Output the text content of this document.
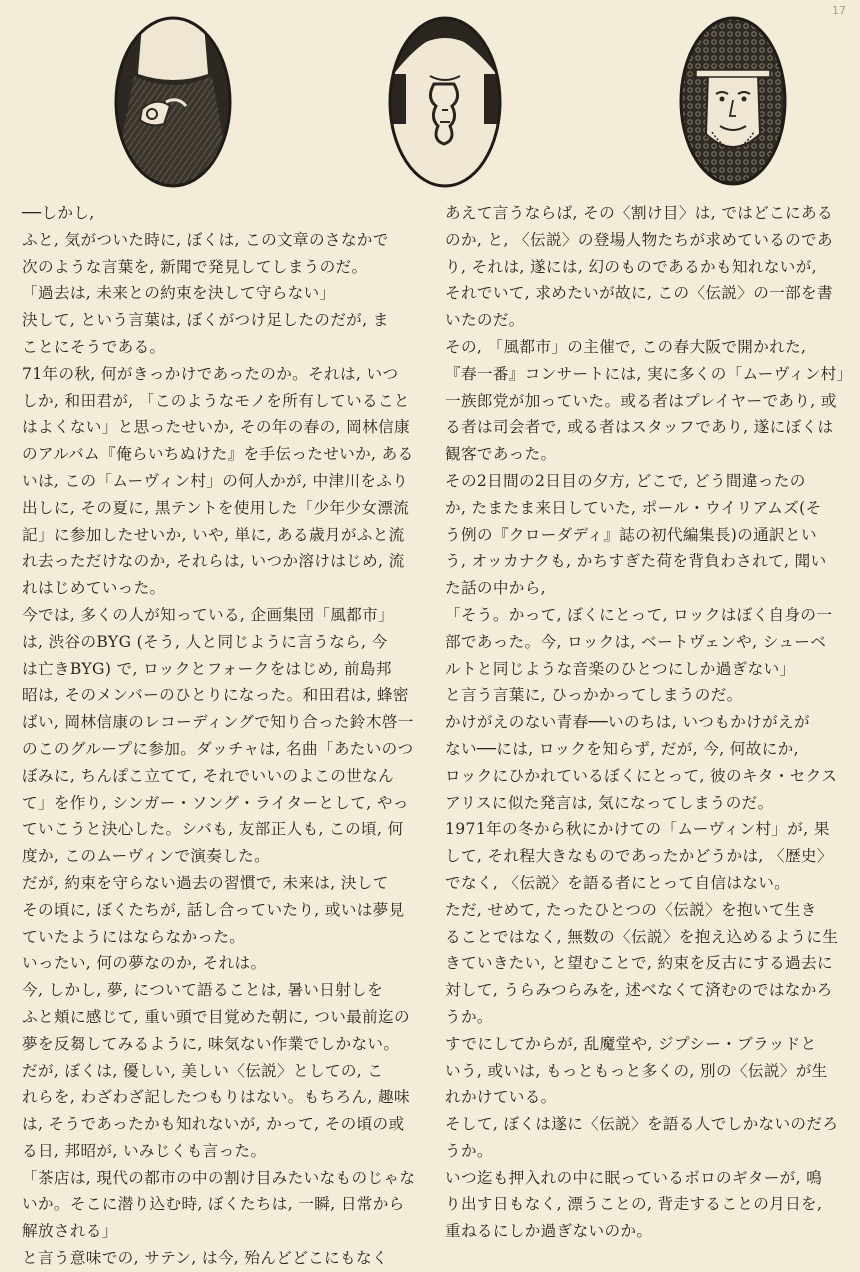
17

──しかし,

ふと, 気がついた時に, ぼくは, この文章のさなかで

次のような言葉を, 新聞で発見してしまうのだ。

「過去は, 未来との約束を決して守らない」

決して, という言葉は, ぼくがつけ足したのだが, ま

ことにそうである。

71年の秋, 何がきっかけであったのか。それは, いつ

しか, 和田君が, 「このようなモノを所有していること

はよくない」と思ったせいか, その年の春の, 岡林信康

のアルバム『俺らいちぬけた』を手伝ったせいか, ある

いは, この「ムーヴィン村」の何人かが, 中津川をふり

出しに, その夏に, 黒テントを使用した「少年少女漂流

記」に参加したせいか, いや, 単に, ある歳月がふと流

れ去っただけなのか, それらは, いつか溶けはじめ, 流

れはじめていった。

今では, 多くの人が知っている, 企画集団「風都市」

は, 渋谷のBYG (そう, 人と同じように言うなら, 今

は亡きBYG) で, ロックとフォークをはじめ, 前島邦

昭は, そのメンバーのひとりになった。和田君は, 蜂密

ばい, 岡林信康のレコーディングで知り合った鈴木啓一

のこのグループに参加。ダッチャは, 名曲「あたいのつ

ぼみに, ちんぽこ立てて, それでいいのよこの世なん

て」を作り, シンガー・ソング・ライターとして, やっ

ていこうと決心した。シバも, 友部正人も, この頃, 何

度か, このムーヴィンで演奏した。

だが, 約束を守らない過去の習慣で, 未来は, 決して

その頃に, ぼくたちが, 話し合っていたり, 或いは夢見

ていたようにはならなかった。

いったい, 何の夢なのか, それは。

今, しかし, 夢, について語ることは, 暑い日射しを

ふと頬に感じて, 重い頭で目覚めた朝に, つい最前迄の

夢を反芻してみるように, 味気ない作業でしかない。

だが, ぼくは, 優しい, 美しい〈伝説〉としての, こ

れらを, わざわざ記したつもりはない。もちろん, 趣味

は, そうであったかも知れないが, かって, その頃の或

る日, 邦昭が, いみじくも言った。

「茶店は, 現代の都市の中の割け目みたいなものじゃな

いか。そこに潜り込む時, ぼくたちは, 一瞬, 日常から

解放される」

と言う意味での, サテン, は今, 殆んどどこにもなく

あえて言うならば, その〈割け目〉は, ではどこにある

のか, と, 〈伝説〉の登場人物たちが求めているのであ

り, それは, 遂には, 幻のものであるかも知れないが,

それでいて, 求めたいが故に, この〈伝説〉の一部を書

いたのだ。

その, 「風都市」の主催で, この春大阪で開かれた,

『春一番』コンサートには, 実に多くの「ムーヴィン村」

一族郎党が加っていた。或る者はプレイヤーであり, 或

る者は司会者で, 或る者はスタッフであり, 遂にぼくは

観客であった。

その2日間の2日目の夕方, どこで, どう間違ったの

か, たまたま来日していた, ポール・ウイリアムズ(そ

う例の『クローダディ』誌の初代編集長)の通訳とい

う, オッカナクも, かちすぎた荷を背負わされて, 聞い

た話の中から,

「そう。かって, ぼくにとって, ロックはぼく自身の一

部であった。今, ロックは, ベートヴェンや, シューベ

ルトと同じような音楽のひとつにしか過ぎない」

と言う言葉に, ひっかかってしまうのだ。

かけがえのない青春──いのちは, いつもかけがえが

ない──には, ロックを知らず, だが, 今, 何故にか,

ロックにひかれているぼくにとって, 彼のキタ・セクス

アリスに似た発言は, 気になってしまうのだ。

1971年の冬から秋にかけての「ムーヴィン村」が, 果

して, それ程大きなものであったかどうかは, 〈歴史〉

でなく, 〈伝説〉を語る者にとって自信はない。

ただ, せめて, たったひとつの〈伝説〉を抱いて生き

ることではなく, 無数の〈伝説〉を抱え込めるように生

きていきたい, と望むことで, 約束を反古にする過去に

対して, うらみつらみを, 述べなくて済むのではなかろ

うか。

すでにしてからが, 乱魔堂や, ジプシー・ブラッドと

いう, 或いは, もっともっと多くの, 別の〈伝説〉が生

れかけている。

そして, ぼくは遂に〈伝説〉を語る人でしかないのだろ

うか。

いつ迄も押入れの中に眠っているボロのギターが, 鳴

り出す日もなく, 漂うことの, 背走することの月日を,

重ねるにしか過ぎないのか。
